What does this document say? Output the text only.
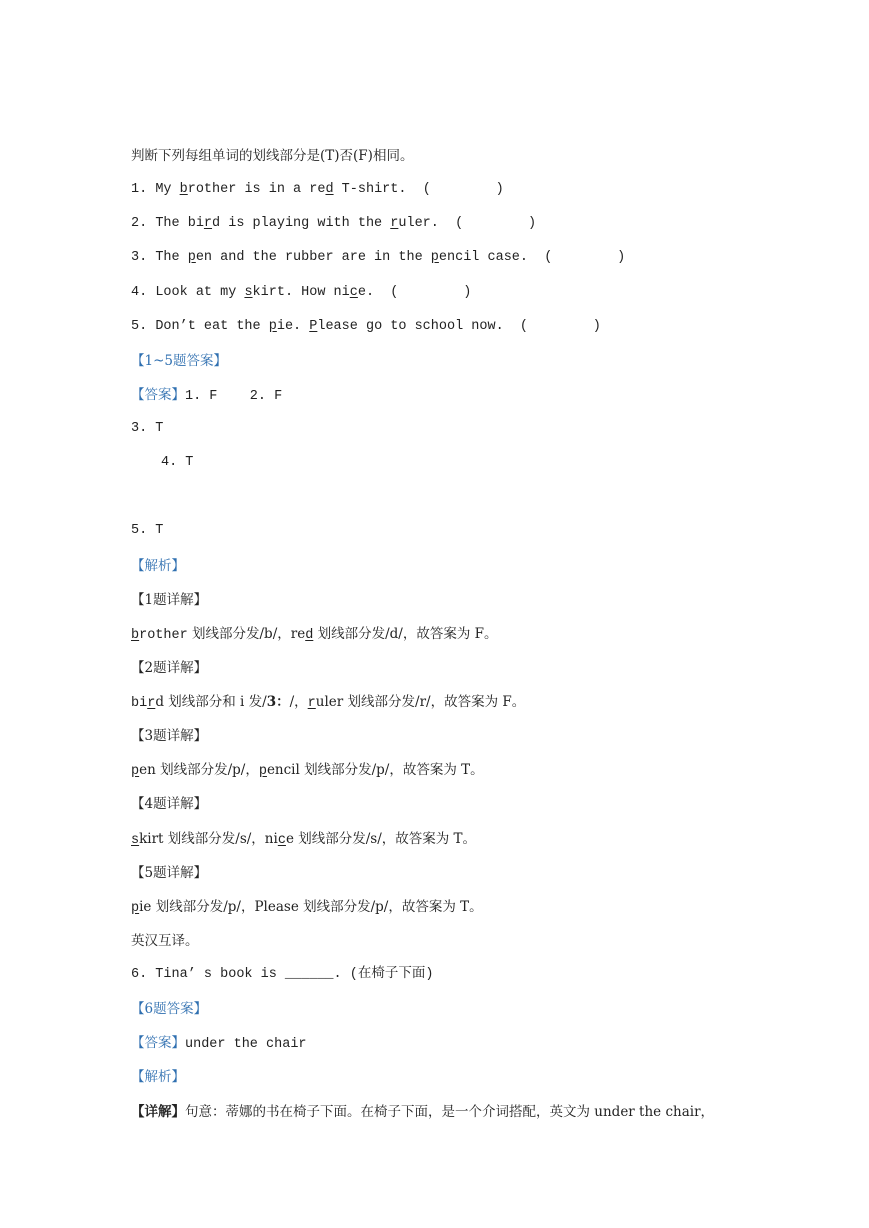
判断下列每组单词的划线部分是(T)否(F)相同。
1. My brother is in a red T-shirt.  (        )
2. The bird is playing with the ruler.  (        )
3. The pen and the rubber are in the pencil case.  (        )
4. Look at my skirt. How nice.  (        )
5. Don’t eat the pie. Please go to school now.  (        )
【1~5题答案】
【答案】1. F    2. F
3. T
4. T
5. T
【解析】
【1题详解】
brother 划线部分发/b/，red 划线部分发/d/，故答案为 F。
【2题详解】
bird 划线部分和 i 发/3：/，ruler 划线部分发/r/，故答案为 F。
【3题详解】
pen 划线部分发/p/，pencil 划线部分发/p/，故答案为 T。
【4题详解】
skirt 划线部分发/s/，nice 划线部分发/s/，故答案为 T。
【5题详解】
pie 划线部分发/p/，Please 划线部分发/p/，故答案为 T。
英汉互译。
6. Tina’ s book is ______. (在椅子下面)
【6题答案】
【答案】under the chair
【解析】
【详解】句意：蒂娜的书在椅子下面。在椅子下面，是一个介词搭配，英文为 under the chair，
